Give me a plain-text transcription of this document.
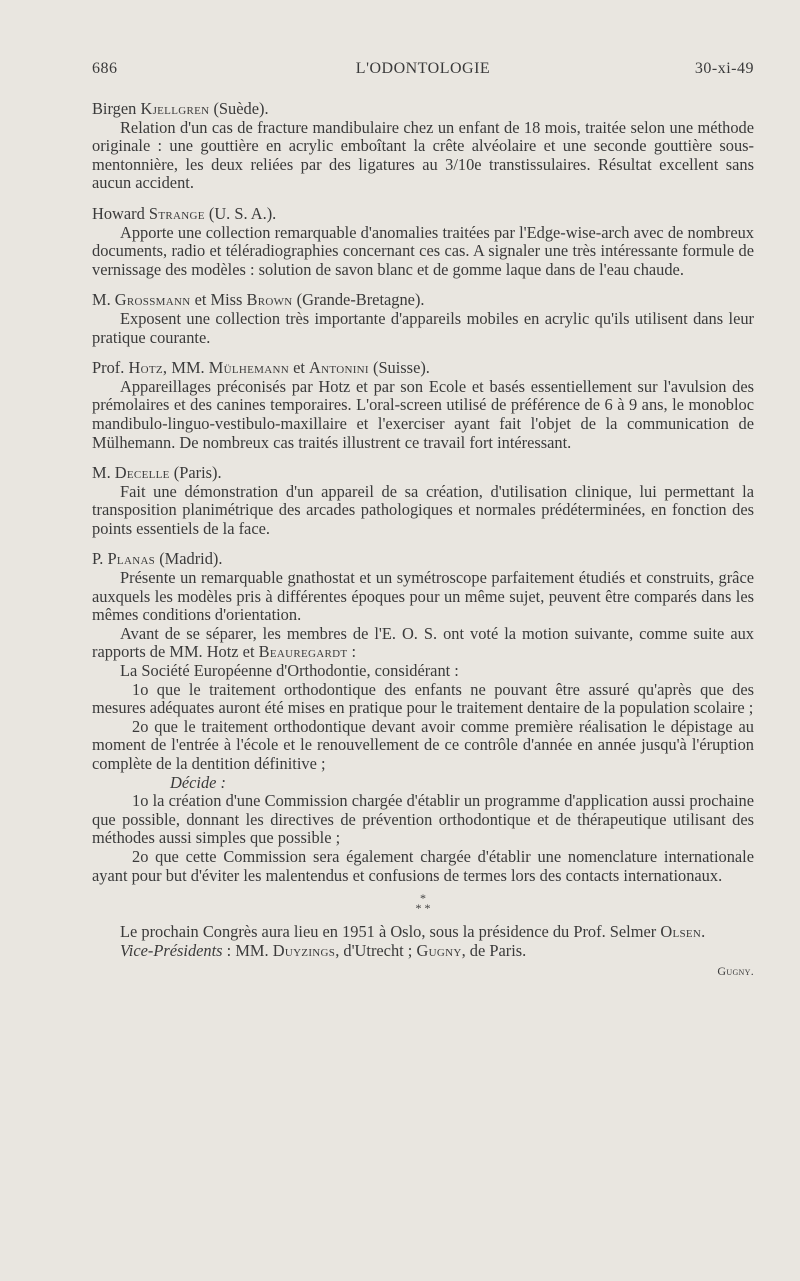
L'ODONTOLOGIE
686	30-xi-49

Birgen Kjellgren (Suède).

Relation d'un cas de fracture mandibulaire chez un enfant de 18 mois, traitée selon une méthode originale : une gouttière en acrylic emboîtant la crête alvéolaire et une seconde gouttière sous-mentonnière, les deux reliées par des ligatures au 3/10e transtissulaires. Résultat excellent sans aucun accident.

Howard Strange (U. S. A.).

Apporte une collection remarquable d'anomalies traitées par l'Edge-wise-arch avec de nombreux documents, radio et téléradiographies concernant ces cas. A signaler une très intéressante formule de vernissage des modèles : solution de savon blanc et de gomme laque dans de l'eau chaude.

M. Grossmann et Miss Brown (Grande-Bretagne).

Exposent une collection très importante d'appareils mobiles en acrylic qu'ils utilisent dans leur pratique courante.

Prof. Hotz, MM. Mülhemann et Antonini (Suisse).

Appareillages préconisés par Hotz et par son Ecole et basés essentiellement sur l'avulsion des prémolaires et des canines temporaires. L'oral-screen utilisé de préférence de 6 à 9 ans, le monobloc mandibulo-linguo-vestibulo-maxillaire et l'exerciser ayant fait l'objet de la communication de Mülhemann. De nombreux cas traités illustrent ce travail fort intéressant.

M. Decelle (Paris).

Fait une démonstration d'un appareil de sa création, d'utilisation clinique, lui permettant la transposition planimétrique des arcades pathologiques et normales prédéterminées, en fonction des points essentiels de la face.

P. Planas (Madrid).

Présente un remarquable gnathostat et un symétroscope parfaitement étudiés et construits, grâce auxquels les modèles pris à différentes époques pour un même sujet, peuvent être comparés dans les mêmes conditions d'orientation.

Avant de se séparer, les membres de l'E. O. S. ont voté la motion suivante, comme suite aux rapports de MM. Hotz et Beauregardt :

La Société Européenne d'Orthodontie, considérant :

1o que le traitement orthodontique des enfants ne pouvant être assuré qu'après que des mesures adéquates auront été mises en pratique pour le traitement dentaire de la population scolaire ;

2o que le traitement orthodontique devant avoir comme première réalisation le dépistage au moment de l'entrée à l'école et le renouvellement de ce contrôle d'année en année jusqu'à l'éruption complète de la dentition définitive ;

Décide :

1o la création d'une Commission chargée d'établir un programme d'application aussi prochaine que possible, donnant les directives de prévention orthodontique et de thérapeutique utilisant des méthodes aussi simples que possible ;

2o que cette Commission sera également chargée d'établir une nomenclature internationale ayant pour but d'éviter les malentendus et confusions de termes lors des contacts internationaux.

*
* *

Le prochain Congrès aura lieu en 1951 à Oslo, sous la présidence du Prof. Selmer Olsen.

Vice-Présidents : MM. Duyzings, d'Utrecht ; Gugny, de Paris.

Gugny.
